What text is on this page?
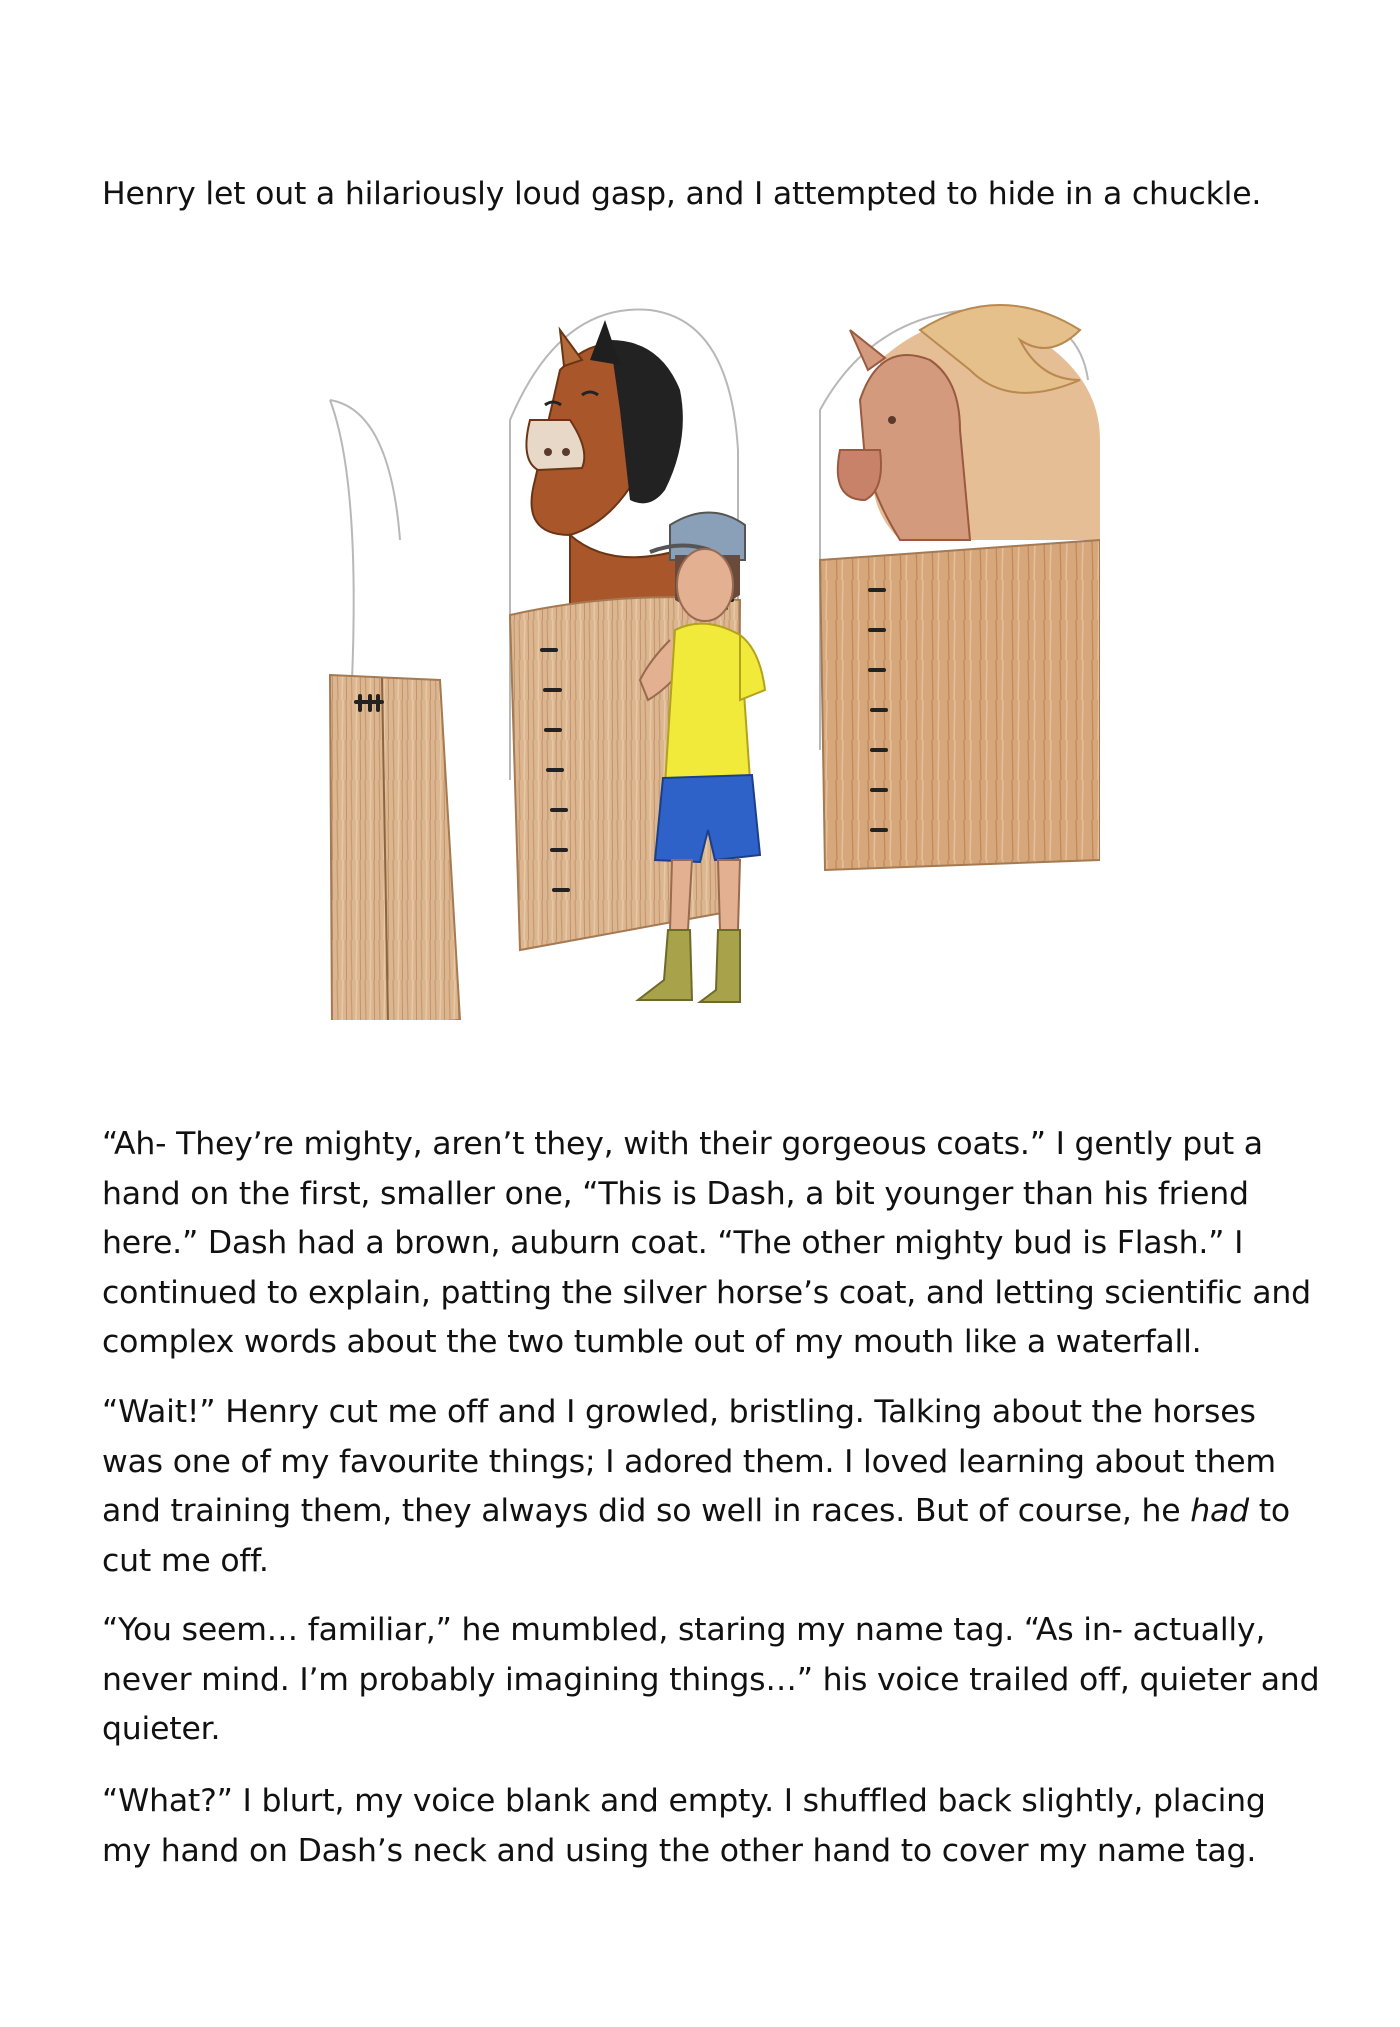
Henry let out a hilariously loud gasp, and I attempted to hide in a chuckle.

“Ah- They’re mighty, aren’t they, with their gorgeous coats.” I gently put a hand on the first, smaller one, “This is Dash, a bit younger than his friend here.” Dash had a brown, auburn coat. “The other mighty bud is Flash.” I continued to explain, patting the silver horse’s coat, and letting scientific and complex words about the two tumble out of my mouth like a waterfall.

“Wait!” Henry cut me off and I growled, bristling. Talking about the horses was one of my favourite things; I adored them. I loved learning about them and training them, they always did so well in races. But of course, he had to cut me off.

“You seem… familiar,” he mumbled, staring my name tag. “As in- actually, never mind. I’m probably imagining things…” his voice trailed off, quieter and quieter.

“What?” I blurt, my voice blank and empty. I shuffled back slightly, placing my hand on Dash’s neck and using the other hand to cover my name tag.
